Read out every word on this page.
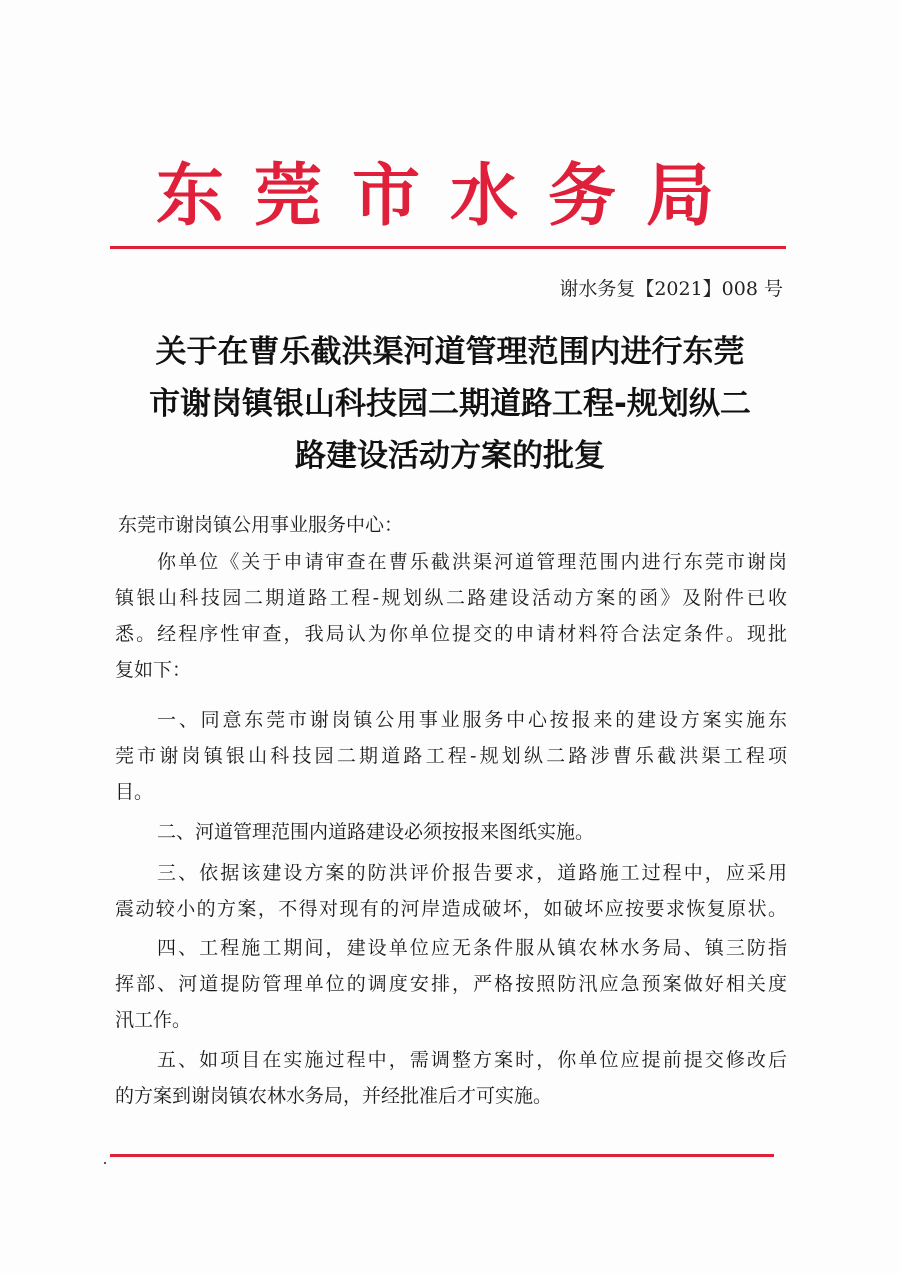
东莞市水务局
谢水务复【2021】008 号
关于在曹乐截洪渠河道管理范围内进行东莞
市谢岗镇银山科技园二期道路工程-规划纵二
路建设活动方案的批复
东莞市谢岗镇公用事业服务中心：
你单位《关于申请审查在曹乐截洪渠河道管理范围内进行东莞市谢岗
镇银山科技园二期道路工程-规划纵二路建设活动方案的函》及附件已收
悉。经程序性审查，我局认为你单位提交的申请材料符合法定条件。现批
复如下：
一、同意东莞市谢岗镇公用事业服务中心按报来的建设方案实施东
莞市谢岗镇银山科技园二期道路工程-规划纵二路涉曹乐截洪渠工程项
目。
二、河道管理范围内道路建设必须按报来图纸实施。
三、依据该建设方案的防洪评价报告要求，道路施工过程中，应采用
震动较小的方案，不得对现有的河岸造成破坏，如破坏应按要求恢复原状。
四、工程施工期间，建设单位应无条件服从镇农林水务局、镇三防指
挥部、河道提防管理单位的调度安排，严格按照防汛应急预案做好相关度
汛工作。
五、如项目在实施过程中，需调整方案时，你单位应提前提交修改后
的方案到谢岗镇农林水务局，并经批准后才可实施。
